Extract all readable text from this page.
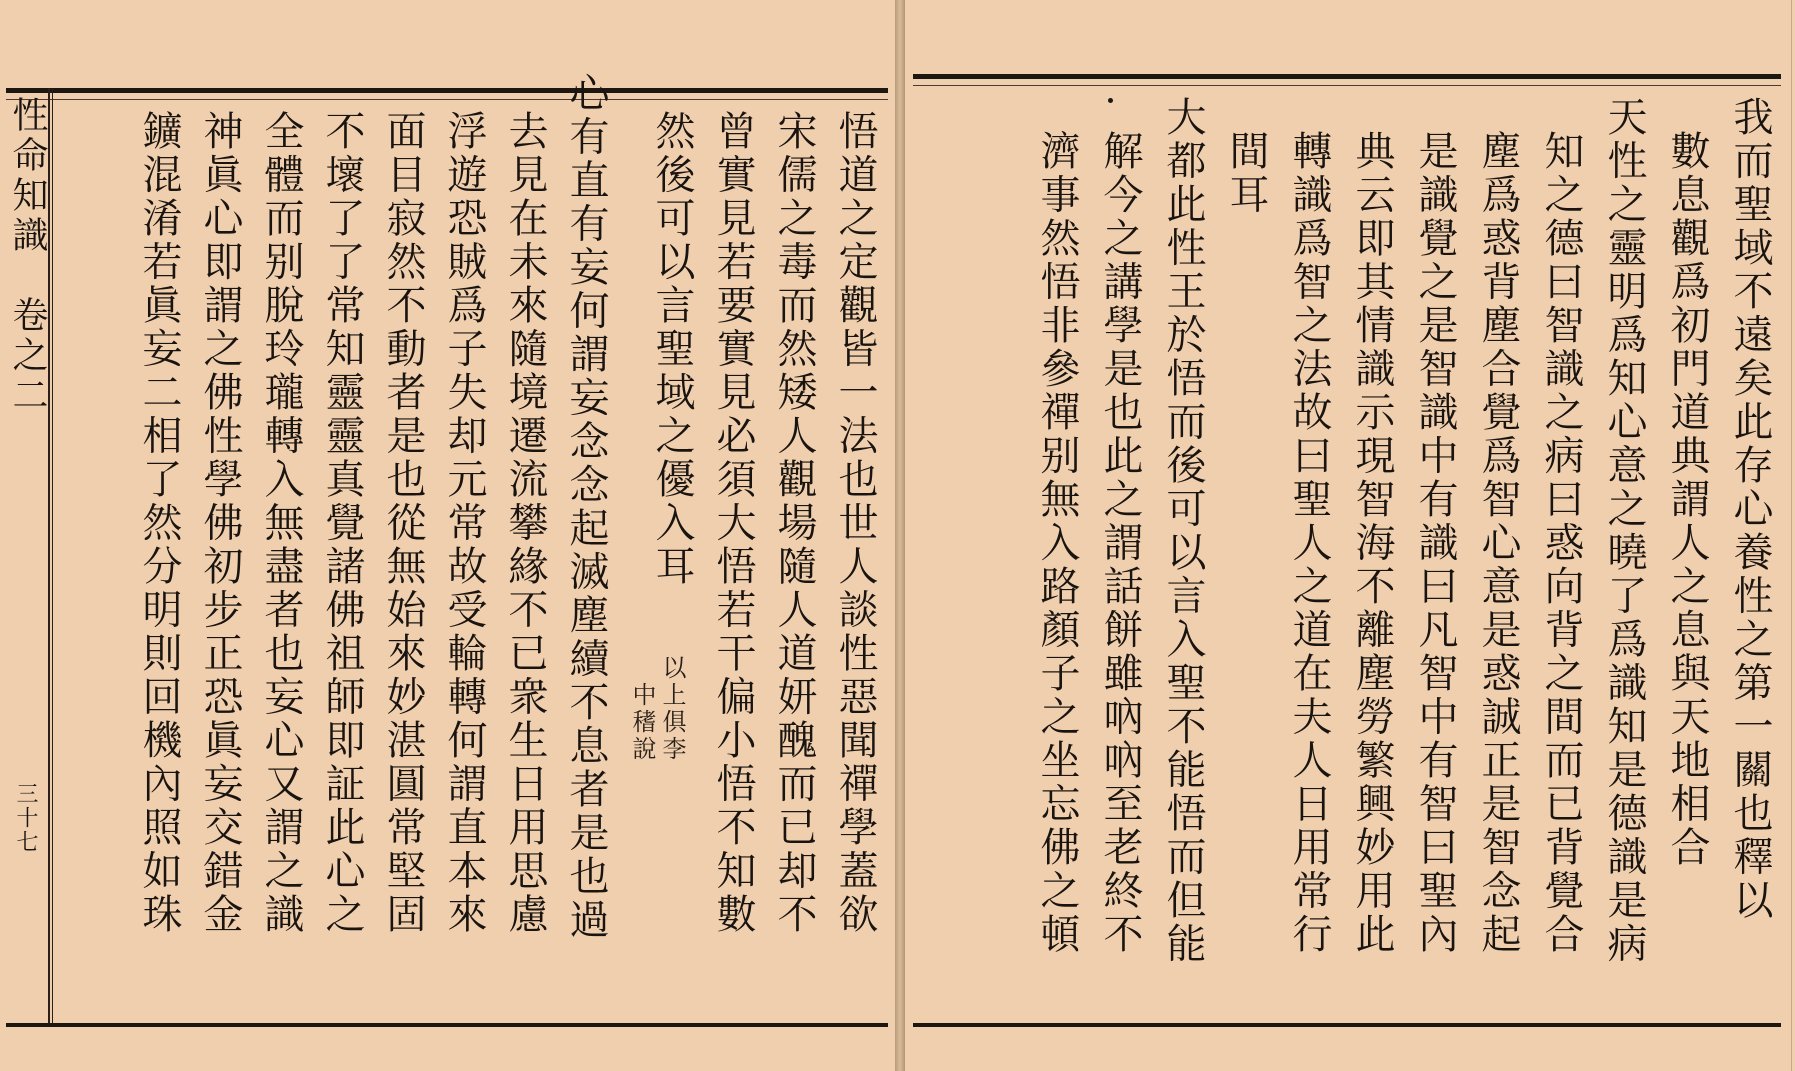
性命知識　卷之二
三十七	悟道之定觀皆一法也世人談性惡聞禪學蓋欲
宋儒之毒而然矮人觀場隨人道妍醜而已却不
曾實見若要實見必須大悟若干偏小悟不知數
然後可以言聖域之優入耳
以上俱李
中䅲說
心有直有妄何謂妄念念起滅塵續不息者是也過
去見在未來隨境遷流攀緣不已衆生日用思慮
浮遊恐賊爲子失却元常故受輪轉何謂直本來
面目寂然不動者是也從無始來妙湛圓常堅固
不壞了了常知靈靈真覺諸佛祖師即証此心之
全體而别脫玲瓏轉入無盡者也妄心又謂之識
神眞心即謂之佛性學佛初步正恐眞妄交錯金
鑛混淆若眞妄二相了然分明則回機內照如珠	我而聖域不遠矣此存心養性之第一關也釋以
數息觀爲初門道典謂人之息與天地相合
天性之靈明爲知心意之曉了爲識知是德識是病
知之德曰智識之病曰惑向背之間而已背覺合
塵爲惑背塵合覺爲智心意是惑誠正是智念起
是識覺之是智識中有識曰凡智中有智曰聖內
典云即其情識示現智海不離塵勞繁興妙用此
轉識爲智之法故曰聖人之道在夫人日用常行
間耳
大都此性王於悟而後可以言入聖不能悟而但能
解今之講學是也此之謂話餅雖吶吶至老終不
濟事然悟非參禪别無入路顏子之坐忘佛之頓
